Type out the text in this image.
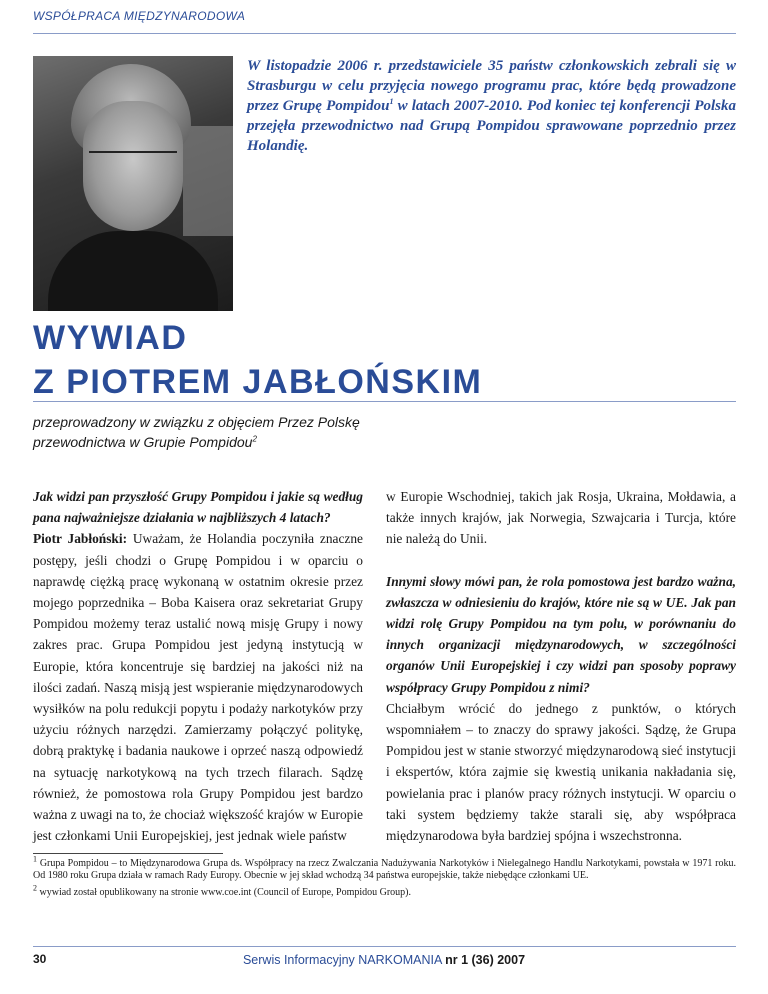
WSPÓŁPRACA MIĘDZYNARODOWA
W listopadzie 2006 r. przedstawiciele 35 państw członkowskich zebrali się w Strasburgu w celu przyjęcia nowego programu prac, które będą prowadzone przez Grupę Pompidou$^1$ w latach 2007-2010. Pod koniec tej konferencji Polska przejęła przewodnictwo nad Grupą Pompidou sprawowane poprzednio przez Holandię.
WYWIAD
Z PIOTREM JABŁOŃSKIM
przeprowadzony w związku z objęciem Przez Polskę
przewodnictwa w Grupie Pompidou$^2$

Jak widzi pan przyszłość Grupy Pompidou i jakie są według pana najważniejsze działania w najbliższych 4 latach?

Piotr Jabłoński: Uważam, że Holandia poczyniła znaczne postępy, jeśli chodzi o Grupę Pompidou i w oparciu o naprawdę ciężką pracę wykonaną w ostatnim okresie przez mojego poprzednika – Boba Kaisera oraz sekretariat Grupy Pompidou możemy teraz ustalić nową misję Grupy i nowy zakres prac. Grupa Pompidou jest jedyną instytucją w Europie, która koncentruje się bardziej na jakości niż na ilości zadań. Naszą misją jest wspieranie międzynarodowych wysiłków na polu redukcji popytu i podaży narkotyków przy użyciu różnych narzędzi. Zamierzamy połączyć politykę, dobrą praktykę i badania naukowe i oprzeć naszą odpowiedź na sytuację narkotykową na tych trzech filarach. Sądzę również, że pomostowa rola Grupy Pompidou jest bardzo ważna z uwagi na to, że chociaż większość krajów w Europie jest członkami Unii Europejskiej, jest jednak wiele państw

w Europie Wschodniej, takich jak Rosja, Ukraina, Mołdawia, a także innych krajów, jak Norwegia, Szwajcaria i Turcja, które nie należą do Unii.

Innymi słowy mówi pan, że rola pomostowa jest bardzo ważna, zwłaszcza w odniesieniu do krajów, które nie są w UE. Jak pan widzi rolę Grupy Pompidou na tym polu, w porównaniu do innych organizacji międzynarodowych, w szczególności organów Unii Europejskiej i czy widzi pan sposoby poprawy współpracy Grupy Pompidou z nimi?

Chciałbym wrócić do jednego z punktów, o których wspomniałem – to znaczy do sprawy jakości. Sądzę, że Grupa Pompidou jest w stanie stworzyć międzynarodową sieć instytucji i ekspertów, która zajmie się kwestią unikania nakładania się, powielania prac i planów pracy różnych instytucji. W oparciu o taki system będziemy także starali się, aby współpraca międzynarodowa była bardziej spójna i wszechstronna.

$^1$ Grupa Pompidou – to Międzynarodowa Grupa ds. Współpracy na rzecz Zwalczania Nadużywania Narkotyków i Nielegalnego Handlu Narkotykami, powstała w 1971 roku. Od 1980 roku Grupa działa w ramach Rady Europy. Obecnie w jej skład wchodzą 34 państwa europejskie, także niebędące członkami UE.

$^2$ wywiad został opublikowany na stronie www.coe.int (Council of Europe, Pompidou Group).

30	Serwis Informacyjny NARKOMANIA nr 1 (36) 2007
